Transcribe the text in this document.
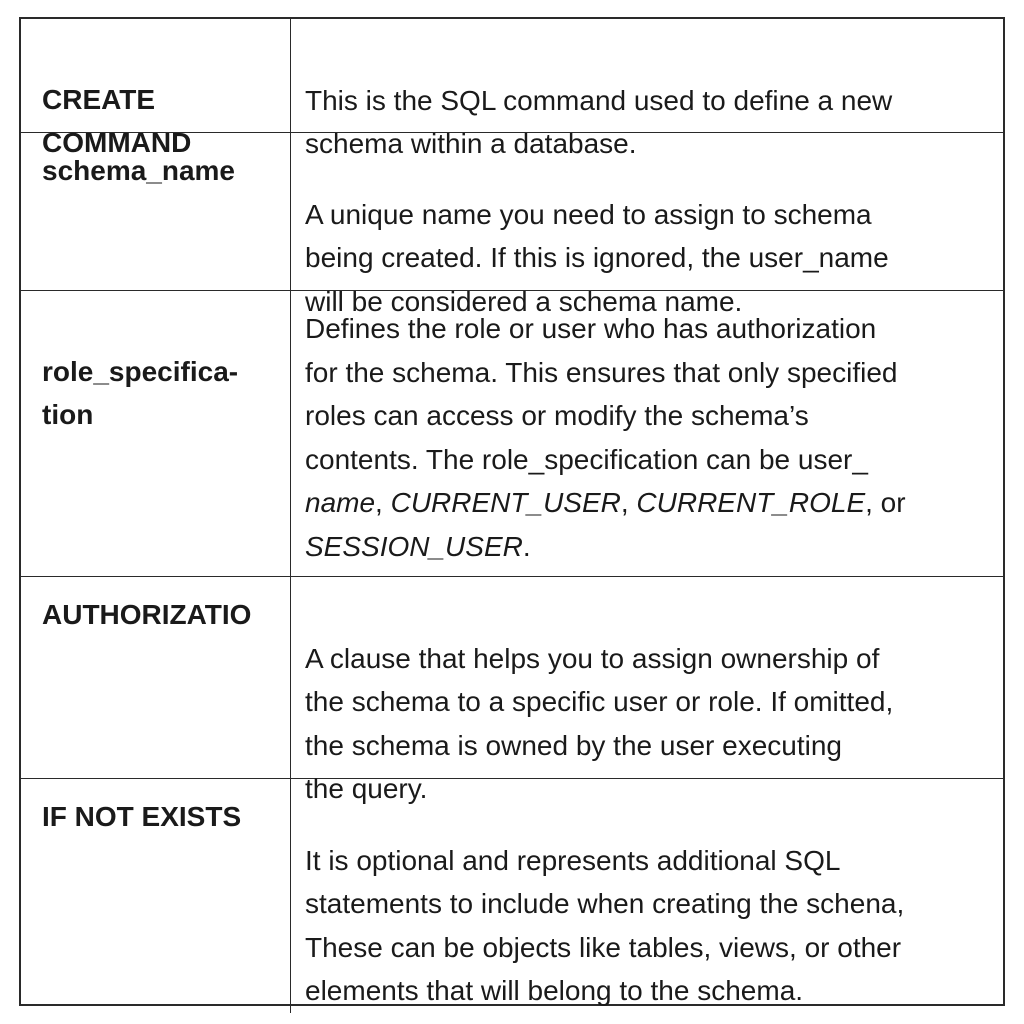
CREATE
COMMAND

This is the SQL command used to define a new
schema within a database.

schema_name

A unique name you need to assign to schema
being created. If this is ignored, the user_name
will be considered a schema name.

role_specifica-
tion

Defines the role or user who has authorization
for the schema. This ensures that only specified
roles can access or modify the schema’s
contents. The role_specification can be user_
name, CURRENT_USER, CURRENT_ROLE, or
SESSION_USER.
AUTHORIZATIO

A clause that helps you to assign ownership of
the schema to a specific user or role. If omitted,
the schema is owned by the user executing
the query.

IF NOT EXISTS

It is optional and represents additional SQL
statements to include when creating the schena,
These can be objects like tables, views, or other
elements that will belong to the schema.
